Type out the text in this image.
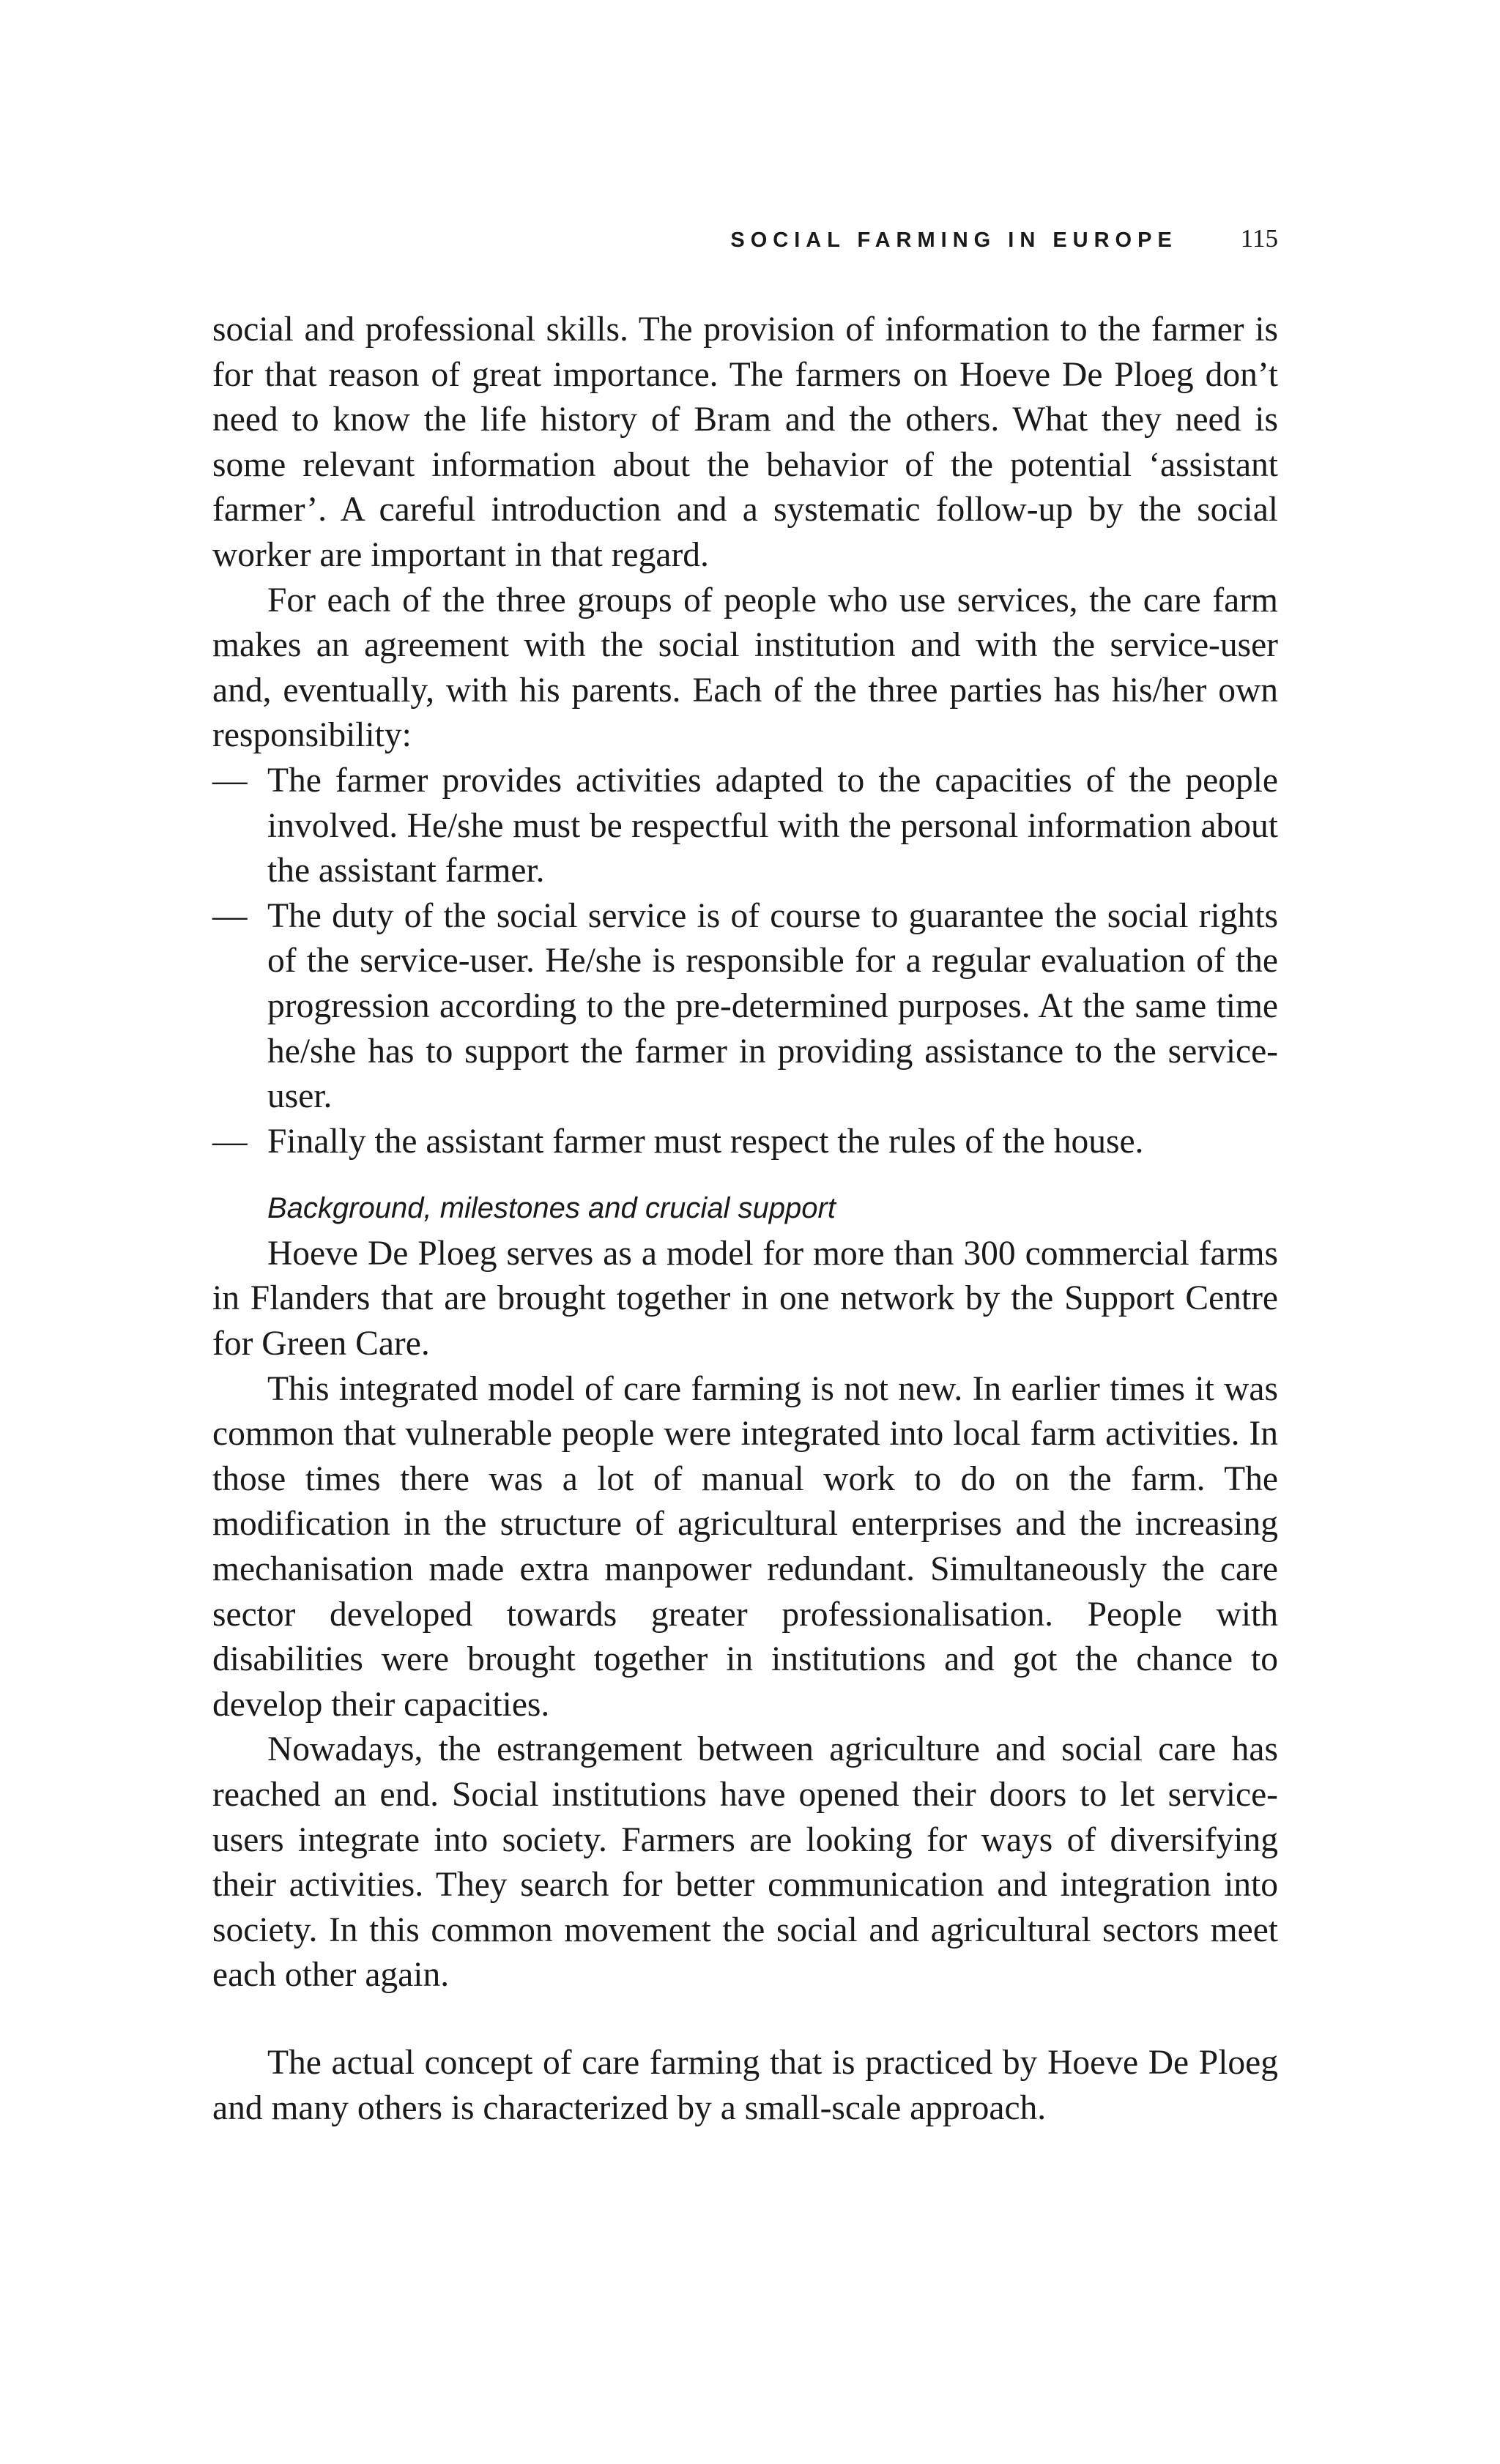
SOCIAL FARMING IN EUROPE 115

social and professional skills. The provision of information to the farmer is for that reason of great importance. The farmers on Hoeve De Ploeg don’t need to know the life history of Bram and the others. What they need is some relevant information about the behavior of the potential ‘assistant farmer’. A careful introduction and a systematic follow-up by the social worker are important in that regard.

For each of the three groups of people who use services, the care farm makes an agreement with the social institution and with the service-user and, eventually, with his parents. Each of the three parties has his/her own responsibility:

— The farmer provides activities adapted to the capacities of the people involved. He/she must be respectful with the personal information about the assistant farmer.
— The duty of the social service is of course to guarantee the social rights of the service-user. He/she is responsible for a regular evaluation of the progression according to the pre-determined purposes. At the same time he/she has to support the farmer in providing assistance to the service-user.
— Finally the assistant farmer must respect the rules of the house.
Background, milestones and crucial support

Hoeve De Ploeg serves as a model for more than 300 commercial farms in Flanders that are brought together in one network by the Support Centre for Green Care.

This integrated model of care farming is not new. In earlier times it was common that vulnerable people were integrated into local farm activities. In those times there was a lot of manual work to do on the farm. The modification in the structure of agricultural enterprises and the increasing mechanisation made extra manpower redundant. Simultaneously the care sector developed towards greater professionalisation. People with disabilities were brought together in institutions and got the chance to develop their capacities.

Nowadays, the estrangement between agriculture and social care has reached an end. Social institutions have opened their doors to let service-users integrate into society. Farmers are looking for ways of diversifying their activities. They search for better communication and integration into society. In this common movement the social and agricultural sectors meet each other again.

The actual concept of care farming that is practiced by Hoeve De Ploeg and many others is characterized by a small-scale approach.
